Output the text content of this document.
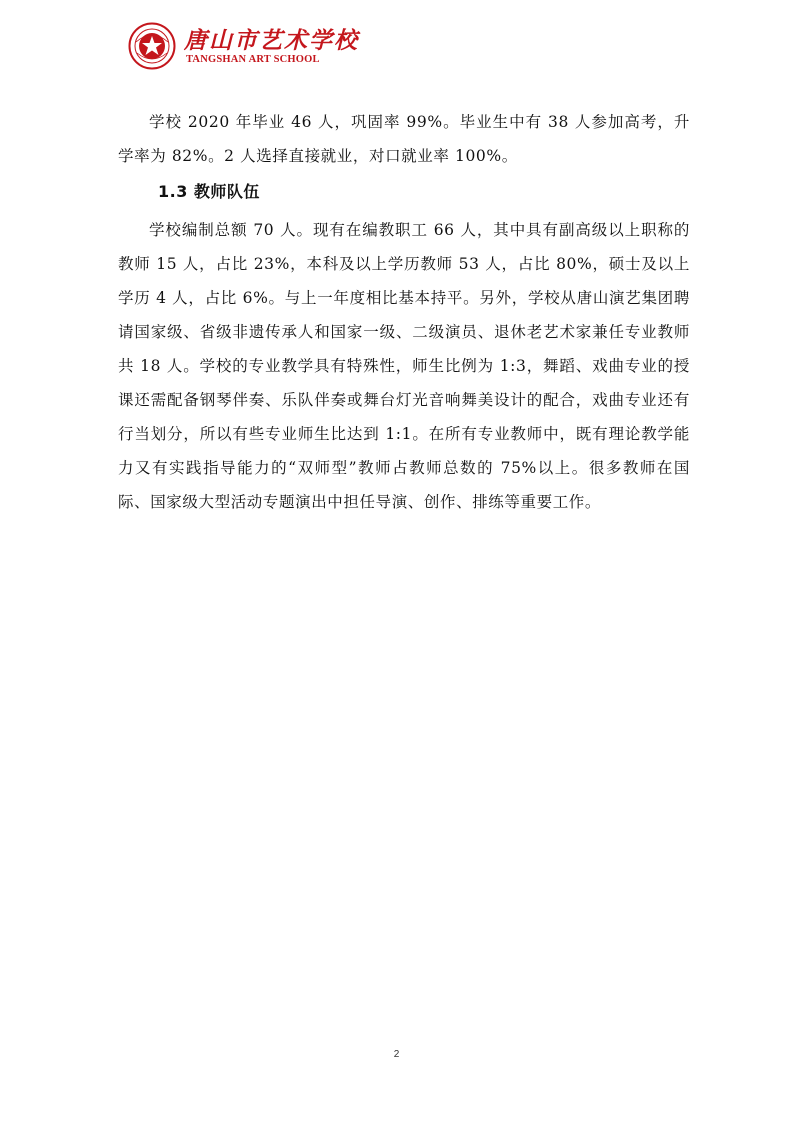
唐山市艺术学校
TANGSHAN ART SCHOOL

学校 2020 年毕业 46 人，巩固率 99%。毕业生中有 38 人参加高考，升学率为 82%。2 人选择直接就业，对口就业率 100%。

1.3 教师队伍

学校编制总额 70 人。现有在编教职工 66 人，其中具有副高级以上职称的教师 15 人，占比 23%，本科及以上学历教师 53 人，占比 80%，硕士及以上学历 4 人，占比 6%。与上一年度相比基本持平。另外，学校从唐山演艺集团聘请国家级、省级非遗传承人和国家一级、二级演员、退休老艺术家兼任专业教师共 18 人。学校的专业教学具有特殊性，师生比例为 1:3，舞蹈、戏曲专业的授课还需配备钢琴伴奏、乐队伴奏或舞台灯光音响舞美设计的配合，戏曲专业还有行当划分，所以有些专业师生比达到 1:1。在所有专业教师中，既有理论教学能力又有实践指导能力的“双师型”教师占教师总数的 75%以上。很多教师在国际、国家级大型活动专题演出中担任导演、创作、排练等重要工作。

2
